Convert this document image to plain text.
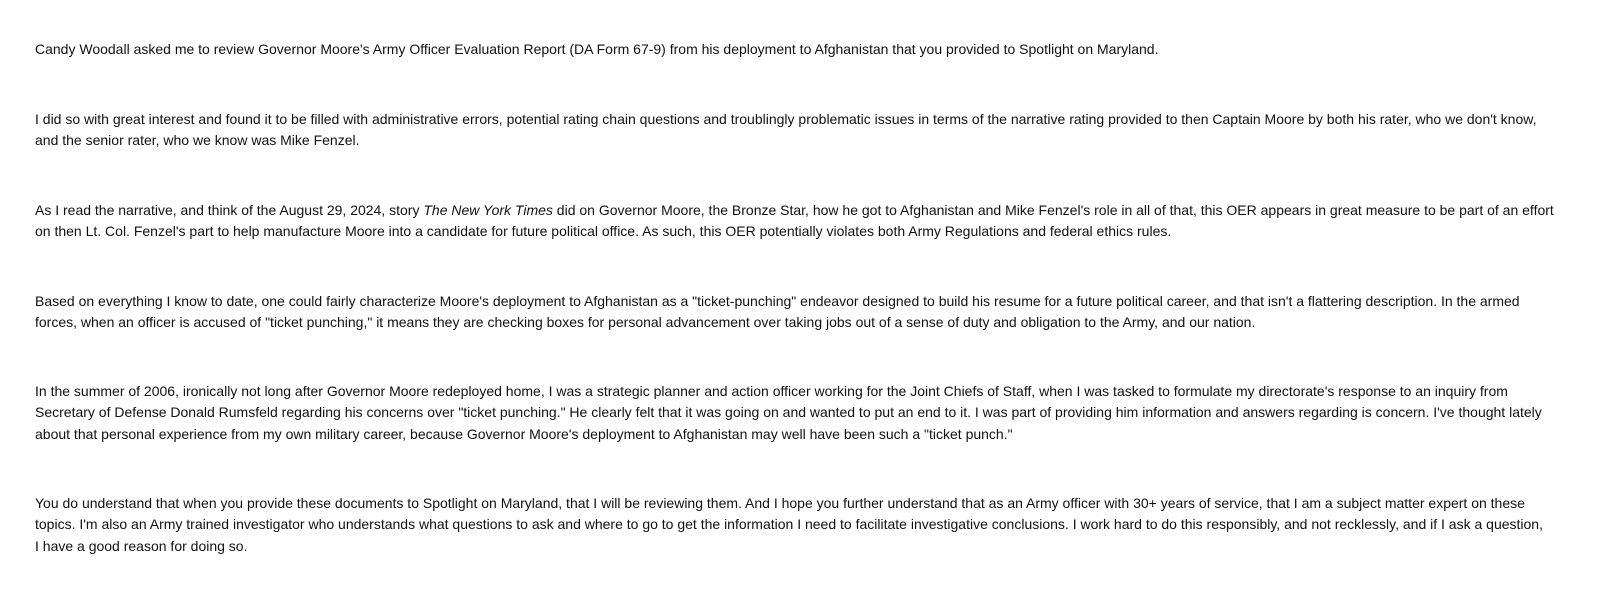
Candy Woodall asked me to review Governor Moore's Army Officer Evaluation Report (DA Form 67-9) from his deployment to Afghanistan that you provided to Spotlight on Maryland.

I did so with great interest and found it to be filled with administrative errors, potential rating chain questions and troublingly problematic issues in terms of the narrative rating provided to then Captain Moore by both his rater, who we don't know,
and the senior rater, who we know was Mike Fenzel.

As I read the narrative, and think of the August 29, 2024, story The New York Times did on Governor Moore, the Bronze Star, how he got to Afghanistan and Mike Fenzel's role in all of that, this OER appears in great measure to be part of an effort
on then Lt. Col. Fenzel's part to help manufacture Moore into a candidate for future political office. As such, this OER potentially violates both Army Regulations and federal ethics rules.

Based on everything I know to date, one could fairly characterize Moore's deployment to Afghanistan as a "ticket-punching" endeavor designed to build his resume for a future political career, and that isn't a flattering description. In the armed
forces, when an officer is accused of "ticket punching," it means they are checking boxes for personal advancement over taking jobs out of a sense of duty and obligation to the Army, and our nation.

In the summer of 2006, ironically not long after Governor Moore redeployed home, I was a strategic planner and action officer working for the Joint Chiefs of Staff, when I was tasked to formulate my directorate's response to an inquiry from
Secretary of Defense Donald Rumsfeld regarding his concerns over "ticket punching." He clearly felt that it was going on and wanted to put an end to it. I was part of providing him information and answers regarding is concern. I've thought lately
about that personal experience from my own military career, because Governor Moore's deployment to Afghanistan may well have been such a "ticket punch."

You do understand that when you provide these documents to Spotlight on Maryland, that I will be reviewing them. And I hope you further understand that as an Army officer with 30+ years of service, that I am a subject matter expert on these
topics. I'm also an Army trained investigator who understands what questions to ask and where to go to get the information I need to facilitate investigative conclusions. I work hard to do this responsibly, and not recklessly, and if I ask a question,
I have a good reason for doing so.
